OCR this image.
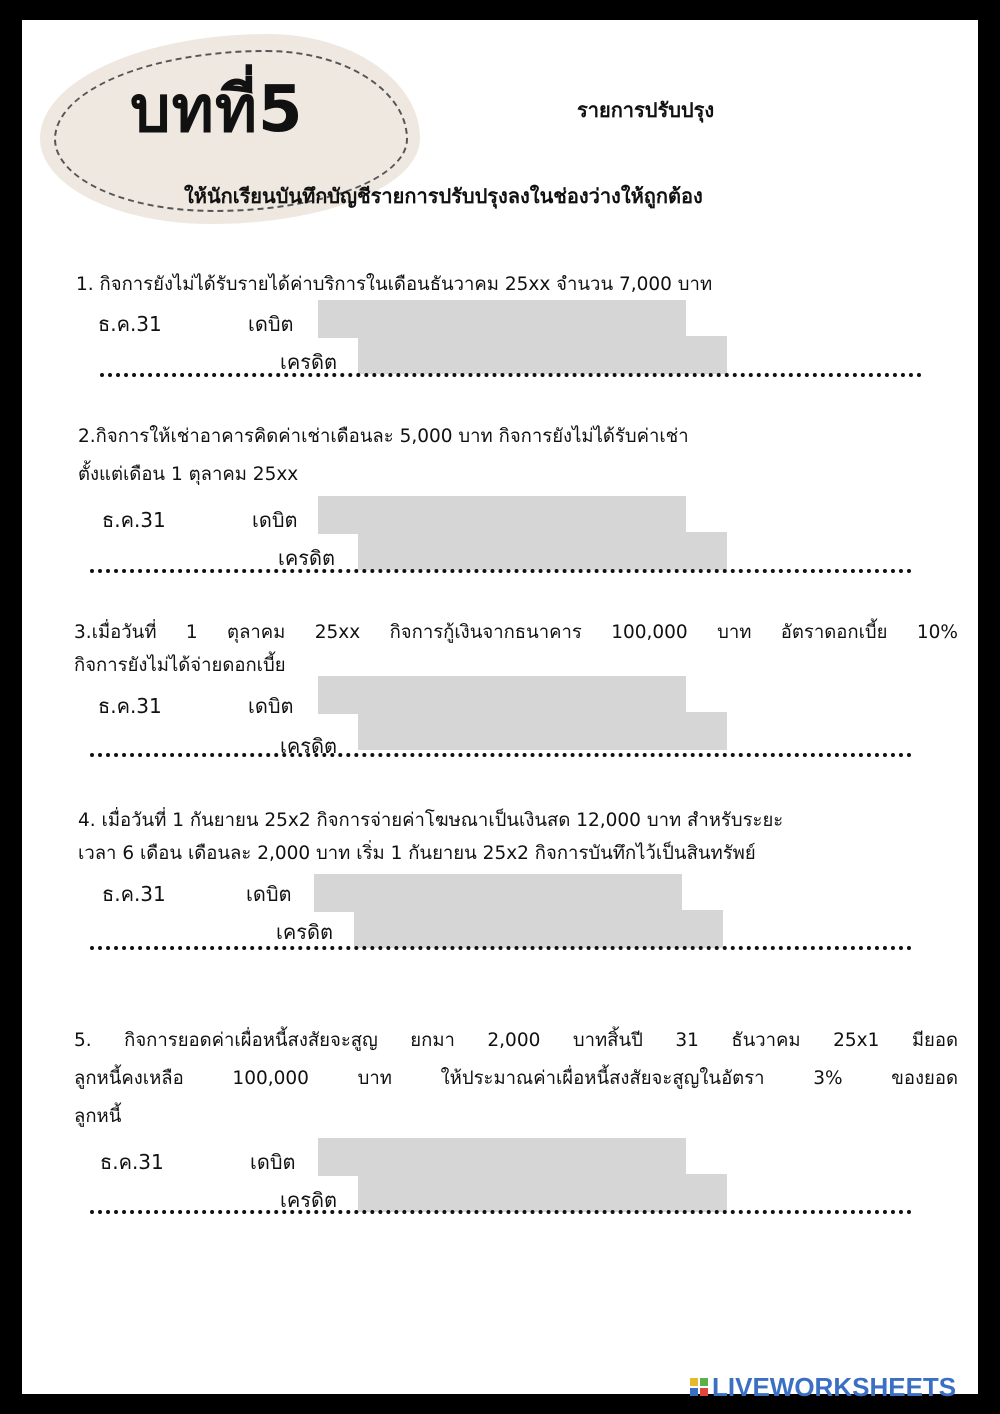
บทที่5	รายการปรับปรุง
ให้นักเรียนบันทึกบัญชีรายการปรับปรุงลงในช่องว่างให้ถูกต้อง
1. กิจการยังไม่ได้รับรายได้ค่าบริการในเดือนธันวาคม 25xx จำนวน 7,000 บาท
ธ.ค.31	เดบิต
เครดิต
2.กิจการให้เช่าอาคารคิดค่าเช่าเดือนละ 5,000 บาท กิจการยังไม่ได้รับค่าเช่า
ตั้งแต่เดือน 1 ตุลาคม 25xx
ธ.ค.31	เดบิต
เครดิต
3.เมื่อวันที่ 1 ตุลาคม 25xx กิจการกู้เงินจากธนาคาร 100,000 บาท อัตราดอกเบี้ย 10%
กิจการยังไม่ได้จ่ายดอกเบี้ย
ธ.ค.31	เดบิต
เครดิต
4. เมื่อวันที่ 1 กันยายน 25x2 กิจการจ่ายค่าโฆษณาเป็นเงินสด 12,000 บาท สำหรับระยะ
เวลา 6 เดือน เดือนละ 2,000 บาท เริ่ม 1 กันยายน 25x2 กิจการบันทึกไว้เป็นสินทรัพย์
ธ.ค.31	เดบิต
เครดิต
5. กิจการยอดค่าเผื่อหนี้สงสัยจะสูญ ยกมา 2,000 บาทสิ้นปี 31 ธันวาคม 25x1 มียอด
ลูกหนี้คงเหลือ 100,000 บาท ให้ประมาณค่าเผื่อหนี้สงสัยจะสูญในอัตรา 3% ของยอด
ลูกหนี้
ธ.ค.31	เดบิต
เครดิต
LIVEWORKSHEETS
